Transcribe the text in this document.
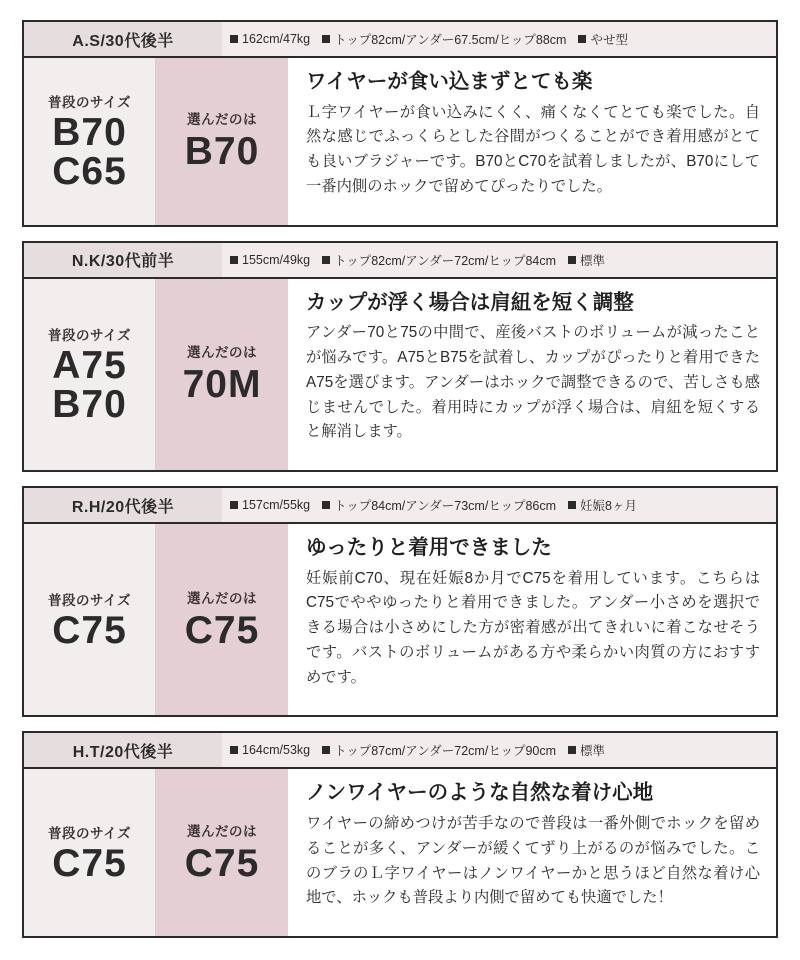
A.S/30代後半	162cm/47kg トップ82cm/アンダー67.5cm/ヒップ88cm やせ型
普段のサイズ
B70
C65
選んだのは
B70
ワイヤーが食い込まずとても楽
Ｌ字ワイヤーが食い込みにくく、痛くなくてとても楽でした。自然な感じでふっくらとした谷間がつくることができ着用感がとても良いブラジャーです。B70とC70を試着しましたが、B70にして一番内側のホックで留めてぴったりでした。
N.K/30代前半	155cm/49kg トップ82cm/アンダー72cm/ヒップ84cm 標準
普段のサイズ
A75
B70
選んだのは
70M
カップが浮く場合は肩紐を短く調整
アンダー70と75の中間で、産後バストのボリュームが減ったことが悩みです。A75とB75を試着し、カップがぴったりと着用できたA75を選びます。アンダーはホックで調整できるので、苦しさも感じませんでした。着用時にカップが浮く場合は、肩紐を短くすると解消します。
R.H/20代後半	157cm/55kg トップ84cm/アンダー73cm/ヒップ86cm 妊娠8ヶ月
普段のサイズ
C75
選んだのは
C75
ゆったりと着用できました
妊娠前C70、現在妊娠8か月でC75を着用しています。こちらはC75でややゆったりと着用できました。アンダー小さめを選択できる場合は小さめにした方が密着感が出てきれいに着こなせそうです。バストのボリュームがある方や柔らかい肉質の方におすすめです。
H.T/20代後半	164cm/53kg トップ87cm/アンダー72cm/ヒップ90cm 標準
普段のサイズ
C75
選んだのは
C75
ノンワイヤーのような自然な着け心地
ワイヤーの締めつけが苦手なので普段は一番外側でホックを留めることが多く、アンダーが緩くてずり上がるのが悩みでした。このブラのＬ字ワイヤーはノンワイヤーかと思うほど自然な着け心地で、ホックも普段より内側で留めても快適でした！
